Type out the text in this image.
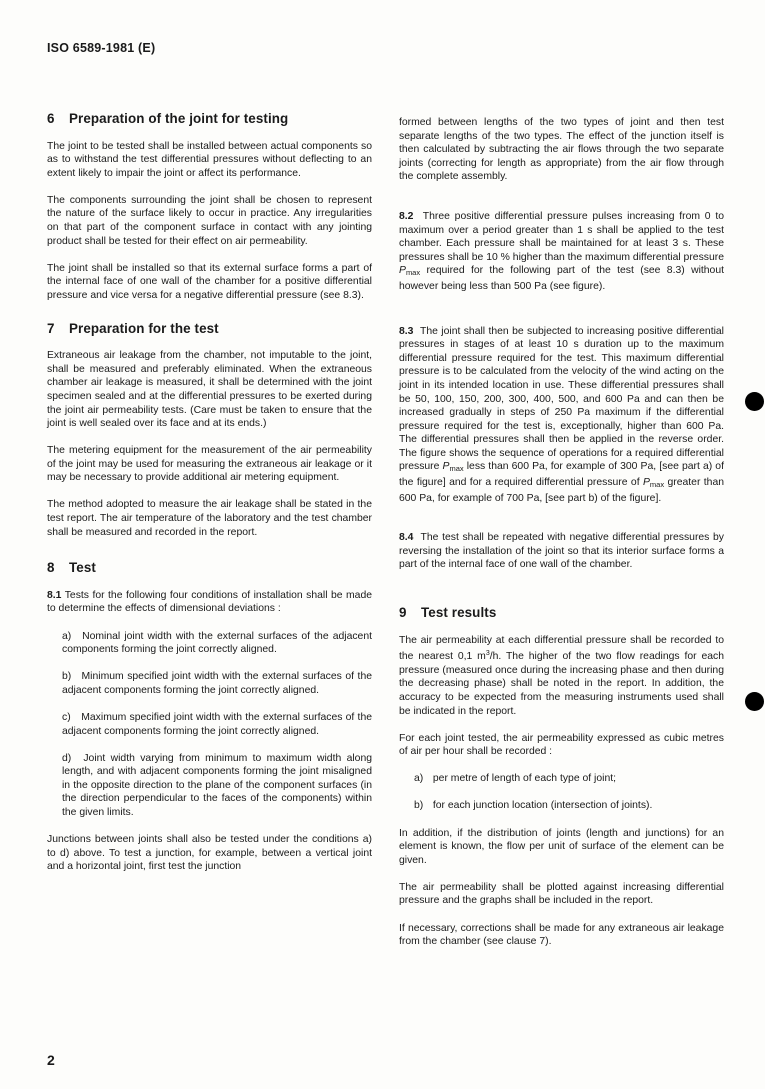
ISO 6589-1981 (E)
6 Preparation of the joint for testing

The joint to be tested shall be installed between actual components so as to withstand the test differential pressures without deflecting to an extent likely to impair the joint or affect its performance.

The components surrounding the joint shall be chosen to represent the nature of the surface likely to occur in practice. Any irregularities on that part of the component surface in contact with any jointing product shall be tested for their effect on air permeability.

The joint shall be installed so that its external surface forms a part of the internal face of one wall of the chamber for a positive differential pressure and vice versa for a negative differential pressure (see 8.3).

7 Preparation for the test

Extraneous air leakage from the chamber, not imputable to the joint, shall be measured and preferably eliminated. When the extraneous chamber air leakage is measured, it shall be determined with the joint specimen sealed and at the differential pressures to be exerted during the joint air permeability tests. (Care must be taken to ensure that the joint is well sealed over its face and at its ends.)

The metering equipment for the measurement of the air permeability of the joint may be used for measuring the extraneous air leakage or it may be necessary to provide additional air metering equipment.

The method adopted to measure the air leakage shall be stated in the test report. The air temperature of the laboratory and the test chamber shall be measured and recorded in the report.

8 Test

8.1 Tests for the following four conditions of installation shall be made to determine the effects of dimensional deviations :

a) Nominal joint width with the external surfaces of the adjacent components forming the joint correctly aligned.

b) Minimum specified joint width with the external surfaces of the adjacent components forming the joint correctly aligned.

c) Maximum specified joint width with the external surfaces of the adjacent components forming the joint correctly aligned.

d) Joint width varying from minimum to maximum width along length, and with adjacent components forming the joint misaligned in the opposite direction to the plane of the component surfaces (in the direction perpendicular to the faces of the components) within the given limits.

Junctions between joints shall also be tested under the conditions a) to d) above. To test a junction, for example, between a vertical joint and a horizontal joint, first test the junction

formed between lengths of the two types of joint and then test separate lengths of the two types. The effect of the junction itself is then calculated by subtracting the air flows through the two separate joints (correcting for length as appropriate) from the air flow through the complete assembly.

8.2 Three positive differential pressure pulses increasing from 0 to maximum over a period greater than 1 s shall be applied to the test chamber. Each pressure shall be maintained for at least 3 s. These pressures shall be 10 % higher than the maximum differential pressure $P_{max}$ required for the following part of the test (see 8.3) without however being less than 500 Pa (see figure).

8.3 The joint shall then be subjected to increasing positive differential pressures in stages of at least 10 s duration up to the maximum differential pressure required for the test. This maximum differential pressure is to be calculated from the velocity of the wind acting on the joint in its intended location in use. These differential pressures shall be 50, 100, 150, 200, 300, 400, 500, and 600 Pa and can then be increased gradually in steps of 250 Pa maximum if the differential pressure required for the test is, exceptionally, higher than 600 Pa. The differential pressures shall then be applied in the reverse order. The figure shows the sequence of operations for a required differential pressure $P_{max}$ less than 600 Pa, for example of 300 Pa, [see part a) of the figure] and for a required differential pressure of $P_{max}$ greater than 600 Pa, for example of 700 Pa, [see part b) of the figure].

8.4 The test shall be repeated with negative differential pressures by reversing the installation of the joint so that its interior surface forms a part of the internal face of one wall of the chamber.

9 Test results

The air permeability at each differential pressure shall be recorded to the nearest 0,1 $m^3/h$. The higher of the two flow readings for each pressure (measured once during the increasing phase and then during the decreasing phase) shall be noted in the report. In addition, the accuracy to be expected from the measuring instruments used shall be indicated in the report.

For each joint tested, the air permeability expressed as cubic metres of air per hour shall be recorded :

a) per metre of length of each type of joint;

b) for each junction location (intersection of joints).

In addition, if the distribution of joints (length and junctions) for an element is known, the flow per unit of surface of the element can be given.

The air permeability shall be plotted against increasing differential pressure and the graphs shall be included in the report.

If necessary, corrections shall be made for any extraneous air leakage from the chamber (see clause 7).

2
